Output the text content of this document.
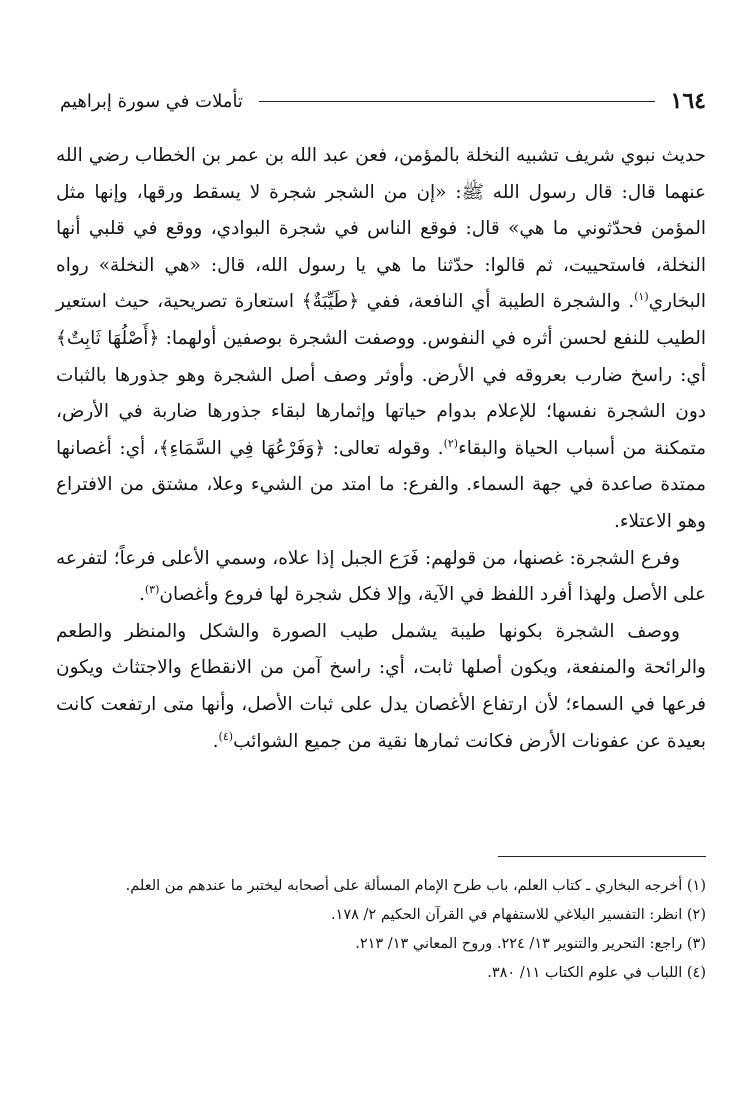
١٦٤
تأملات في سورة إبراهيم

حديث نبوي شريف تشبيه النخلة بالمؤمن، فعن عبد الله بن عمر بن الخطاب رضي الله عنهما قال: قال رسول الله ﷺ: «إن من الشجر شجرة لا يسقط ورقها، وإنها مثل المؤمن فحدّثوني ما هي» قال: فوقع الناس في شجرة البوادي، ووقع في قلبي أنها النخلة، فاستحييت، ثم قالوا: حدّثنا ما هي يا رسول الله، قال: «هي النخلة» رواه البخاري$^{(١)}$. والشجرة الطيبة أي النافعة، ففي ﴿طَيِّبَةٌ﴾ استعارة تصريحية، حيث استعير الطيب للنفع لحسن أثره في النفوس. ووصفت الشجرة بوصفين أولهما: ﴿أَصْلُهَا ثَابِتٌ﴾ أي: راسخ ضارب بعروقه في الأرض. وأوثر وصف أصل الشجرة وهو جذورها بالثبات دون الشجرة نفسها؛ للإعلام بدوام حياتها وإثمارها لبقاء جذورها ضاربة في الأرض، متمكنة من أسباب الحياة والبقاء$^{(٢)}$. وقوله تعالى: ﴿وَفَرْعُهَا فِي السَّمَاءِ﴾، أي: أغصانها ممتدة صاعدة في جهة السماء. والفرع: ما امتد من الشيء وعلا، مشتق من الافتراع وهو الاعتلاء.

وفرع الشجرة: غصنها، من قولهم: فَرَع الجبل إذا علاه، وسمي الأعلى فرعاً؛ لتفرعه على الأصل ولهذا أفرد اللفظ في الآية، وإلا فكل شجرة لها فروع وأغصان$^{(٣)}$.

ووصف الشجرة بكونها طيبة يشمل طيب الصورة والشكل والمنظر والطعم والرائحة والمنفعة، ويكون أصلها ثابت، أي: راسخ آمن من الانقطاع والاجتثاث ويكون فرعها في السماء؛ لأن ارتفاع الأغصان يدل على ثبات الأصل، وأنها متى ارتفعت كانت بعيدة عن عفونات الأرض فكانت ثمارها نقية من جميع الشوائب$^{(٤)}$.

(١) أخرجه البخاري ـ كتاب العلم، باب طرح الإمام المسألة على أصحابه ليختبر ما عندهم من العلم.
(٢) انظر: التفسير البلاغي للاستفهام في القرآن الحكيم ٢/ ١٧٨.
(٣) راجع: التحرير والتنوير ١٣/ ٢٢٤. وروح المعاني ١٣/ ٢١٣.
(٤) اللباب في علوم الكتاب ١١/ ٣٨٠.
